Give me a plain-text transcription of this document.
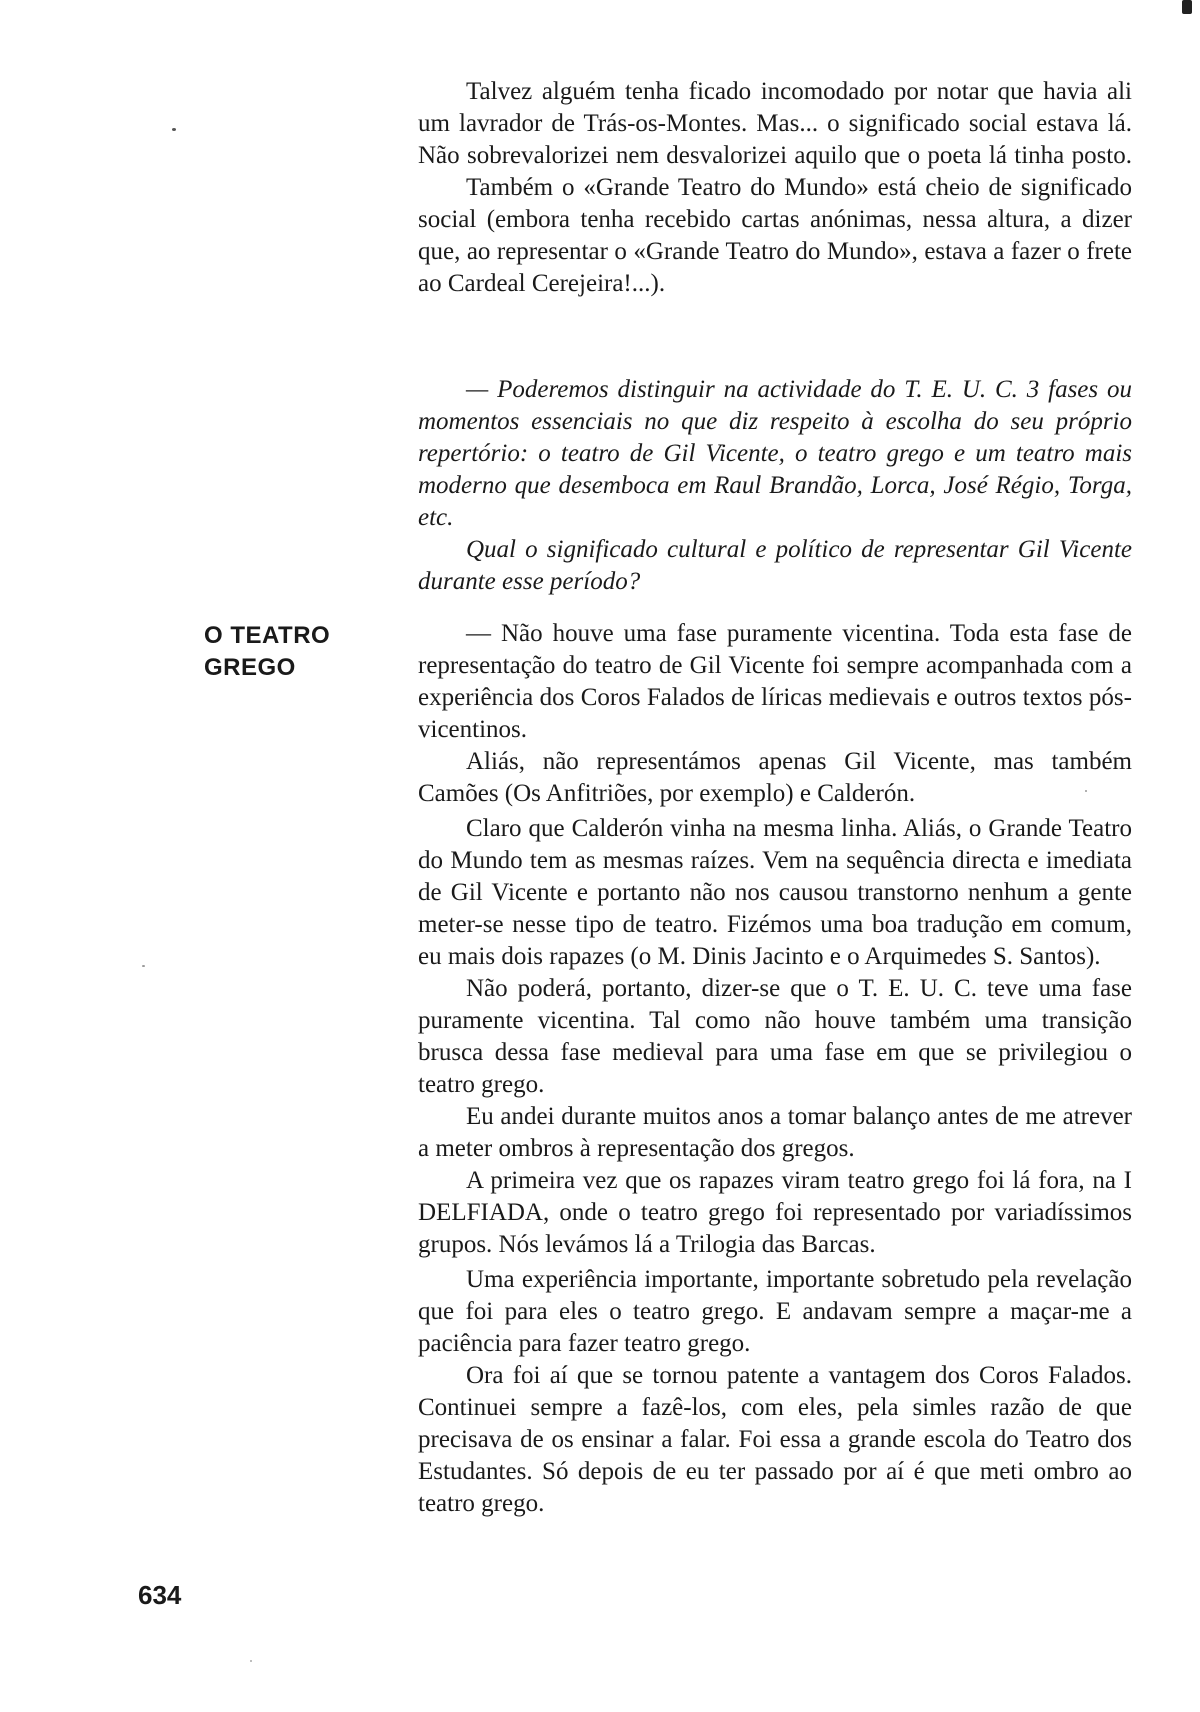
Talvez alguém tenha ficado incomodado por notar que havia ali um lavrador de Trás-os-Montes. Mas... o significado social estava lá. Não sobrevalorizei nem desvalorizei aquilo que o poeta lá tinha posto.

Também o «Grande Teatro do Mundo» está cheio de significado social (embora tenha recebido cartas anónimas, nessa altura, a dizer que, ao representar o «Grande Teatro do Mundo», estava a fazer o frete ao Cardeal Cerejeira!...).

— Poderemos distinguir na actividade do T. E. U. C. 3 fases ou momentos essenciais no que diz respeito à escolha do seu próprio repertório: o teatro de Gil Vicente, o teatro grego e um teatro mais moderno que desemboca em Raul Brandão, Lorca, José Régio, Torga, etc.

Qual o significado cultural e político de representar Gil Vicente durante esse período?

O TEATRO
GREGO

— Não houve uma fase puramente vicentina. Toda esta fase de representação do teatro de Gil Vicente foi sempre acompanhada com a experiência dos Coros Falados de líricas medievais e outros textos pós-vicentinos.

Aliás, não representámos apenas Gil Vicente, mas também Camões (Os Anfitriões, por exemplo) e Calderón.

Claro que Calderón vinha na mesma linha. Aliás, o Grande Teatro do Mundo tem as mesmas raízes. Vem na sequência directa e imediata de Gil Vicente e portanto não nos causou transtorno nenhum a gente meter-se nesse tipo de teatro. Fizémos uma boa tradução em comum, eu mais dois rapazes (o M. Dinis Jacinto e o Arquimedes S. Santos).

Não poderá, portanto, dizer-se que o T. E. U. C. teve uma fase puramente vicentina. Tal como não houve também uma transição brusca dessa fase medieval para uma fase em que se privilegiou o teatro grego.

Eu andei durante muitos anos a tomar balanço antes de me atrever a meter ombros à representação dos gregos.

A primeira vez que os rapazes viram teatro grego foi lá fora, na I DELFIADA, onde o teatro grego foi representado por variadíssimos grupos. Nós levámos lá a Trilogia das Barcas.

Uma experiência importante, importante sobretudo pela revelação que foi para eles o teatro grego. E andavam sempre a maçar-me a paciência para fazer teatro grego.

Ora foi aí que se tornou patente a vantagem dos Coros Falados. Continuei sempre a fazê-los, com eles, pela simles razão de que precisava de os ensinar a falar. Foi essa a grande escola do Teatro dos Estudantes. Só depois de eu ter passado por aí é que meti ombro ao teatro grego.

634
